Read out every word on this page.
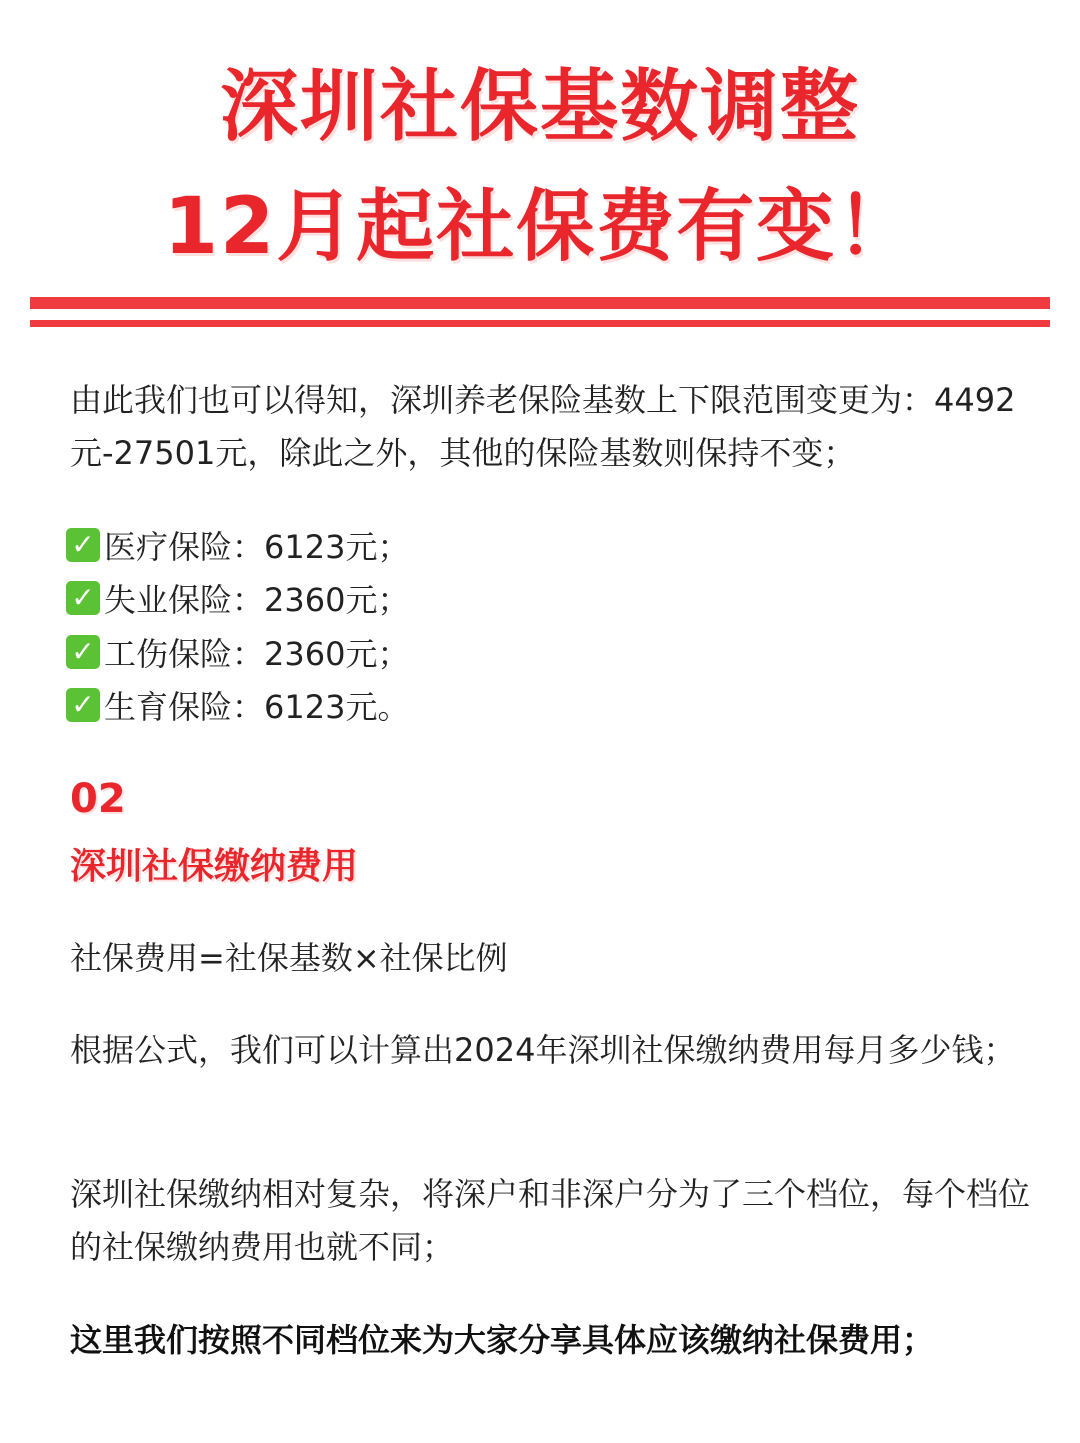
深圳社保基数调整
12月起社保费有变！
由此我们也可以得知，深圳养老保险基数上下限范围变更为：4492元-27501元，除此之外，其他的保险基数则保持不变；
✓ 医疗保险：6123元；
✓ 失业保险：2360元；
✓ 工伤保险：2360元；
✓ 生育保险：6123元。
02
深圳社保缴纳费用
社保费用=社保基数×社保比例
根据公式，我们可以计算出2024年深圳社保缴纳费用每月多少钱；
深圳社保缴纳相对复杂，将深户和非深户分为了三个档位，每个档位的社保缴纳费用也就不同；
这里我们按照不同档位来为大家分享具体应该缴纳社保费用；
